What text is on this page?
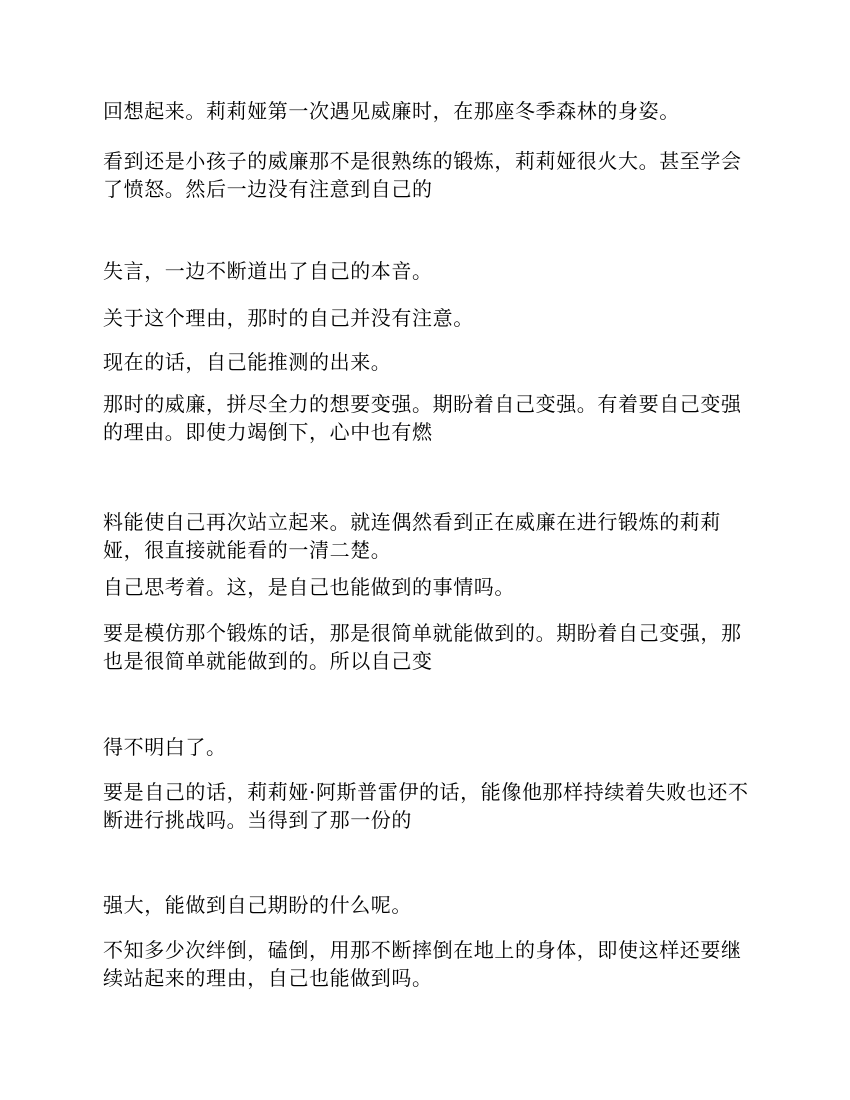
回想起来。莉莉娅第一次遇见威廉时，在那座冬季森林的身姿。

看到还是小孩子的威廉那不是很熟练的锻炼，莉莉娅很火大。甚至学会了愤怒。然后一边没有注意到自己的

失言，一边不断道出了自己的本音。

关于这个理由，那时的自己并没有注意。

现在的话，自己能推测的出来。

那时的威廉，拼尽全力的想要变强。期盼着自己变强。有着要自己变强的理由。即使力竭倒下，心中也有燃

料能使自己再次站立起来。就连偶然看到正在威廉在进行锻炼的莉莉娅，很直接就能看的一清二楚。

自己思考着。这，是自己也能做到的事情吗。

要是模仿那个锻炼的话，那是很简单就能做到的。期盼着自己变强，那也是很简单就能做到的。所以自己变

得不明白了。

要是自己的话，莉莉娅·阿斯普雷伊的话，能像他那样持续着失败也还不断进行挑战吗。当得到了那一份的

强大，能做到自己期盼的什么呢。

不知多少次绊倒，磕倒，用那不断摔倒在地上的身体，即使这样还要继续站起来的理由，自己也能做到吗。
